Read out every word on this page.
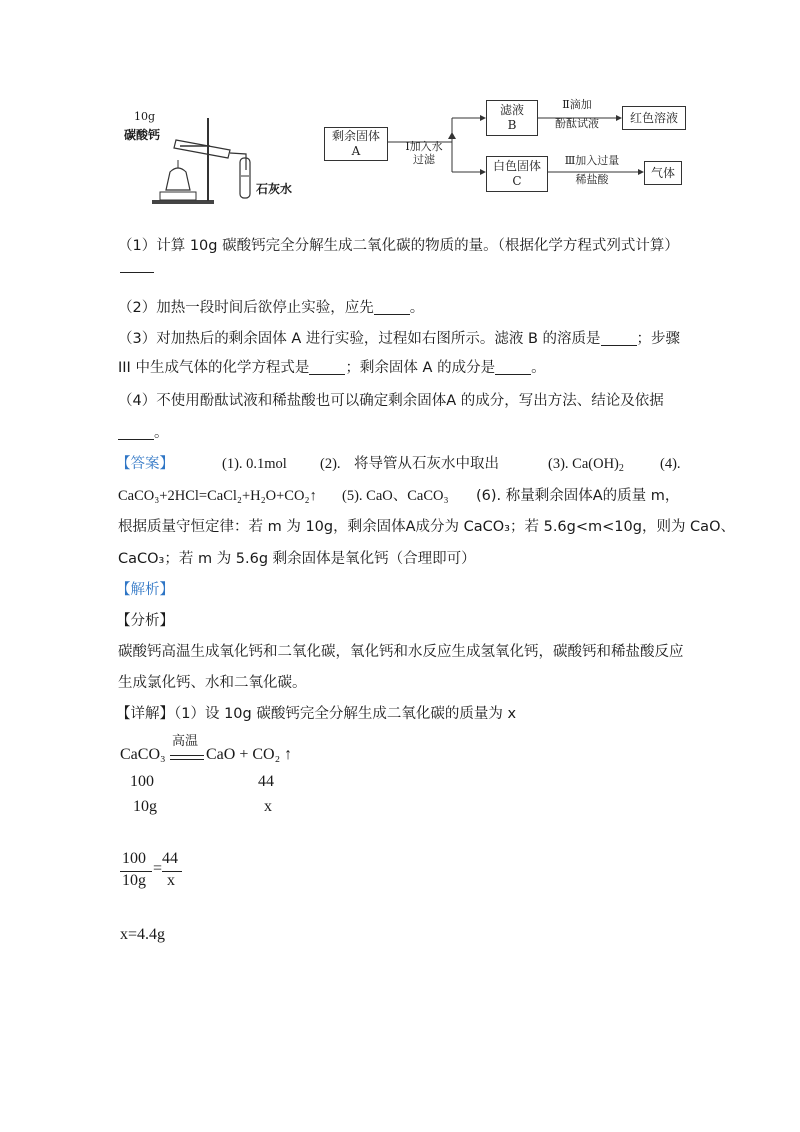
10g
碳酸钙
石灰水
剩余固体
A	Ⅰ加入水
过滤
滤液
B
Ⅱ滴加
酚酞试液	红色溶液
白色固体
C
Ⅲ加入过量
稀盐酸	气体
（1）计算 10g 碳酸钙完全分解生成二氧化碳的物质的量。（根据化学方程式列式计算）
（2）加热一段时间后欲停止实验，应先 。
（3）对加热后的剩余固体 A 进行实验，过程如右图所示。滤液 B 的溶质是 ；步骤
III 中生成气体的化学方程式是 ；剩余固体 A 的成分是 。
（4）不使用酚酞试液和稀盐酸也可以确定剩余固体A 的成分，写出方法、结论及依据
。
【答案】	(1). 0.1mol (2). 将导管从石灰水中取出	(3). $Ca(OH)_2$ (4).
CaCO₃+2HCl=CaCl₂+H₂O+CO₂↑ (5). CaO、CaCO₃ (6). 称量剩余固体A的质量 m，
根据质量守恒定律：若 m 为 10g，剩余固体A成分为 CaCO₃；若 5.6g<m<10g，则为 CaO、
CaCO₃；若 m 为 5.6g 剩余固体是氧化钙（合理即可）
【解析】
【分析】
碳酸钙高温生成氧化钙和二氧化碳，氧化钙和水反应生成氢氧化钙，碳酸钙和稀盐酸反应
生成氯化钙、水和二氧化碳。
【详解】（1）设 10g 碳酸钙完全分解生成二氧化碳的质量为 x
CaCO₃
高温
CaO + CO₂ ↑
100	44
10g	x
100
10g
=
44
x
x=4.4g
